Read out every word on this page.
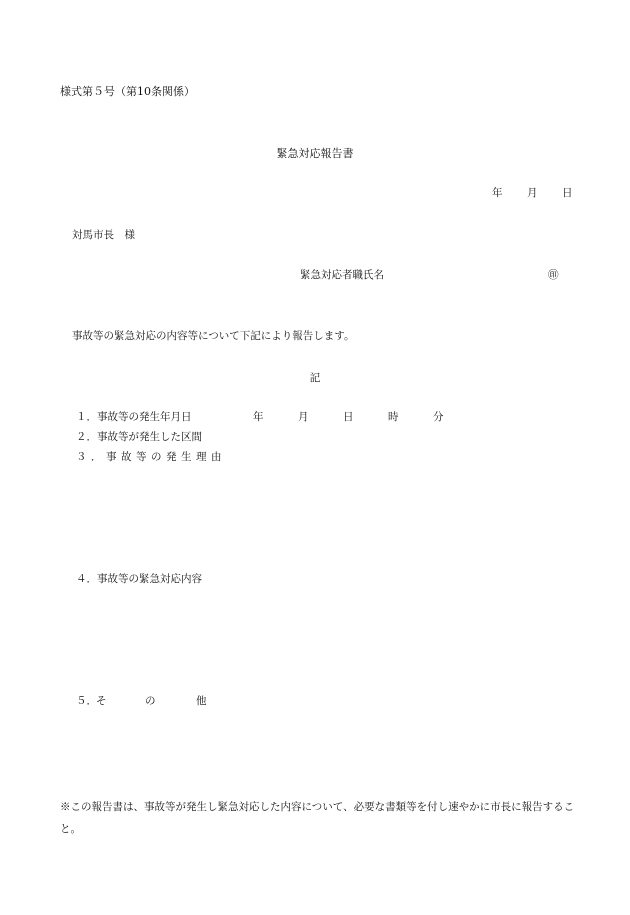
様式第５号（第10条関係）
緊急対応報告書
年 月 日
対馬市長　様
緊急対応者職氏名	㊞
事故等の緊急対応の内容等について下記により報告します。
記
１．事故等の発生年月日	年	月	日	時	分
２．事故等が発生した区間
３．事故等の発生理由
４．事故等の緊急対応内容
５． そ	の	他
※この報告書は、事故等が発生し緊急対応した内容について、必要な書類等を付し速やかに市長に報告すること。
